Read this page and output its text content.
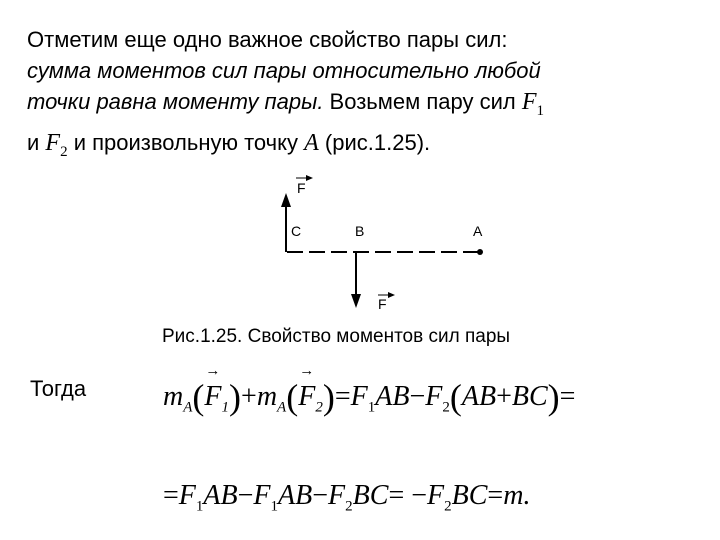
Отметим еще одно важное свойство пары сил:
сумма моментов сил пары относительно любой
точки равна моменту пары. Возьмем пару сил $F_1$
и $F_2$ и произвольную точку A (рис.1.25).
F
C	B	A
F
Рис.1.25. Свойство моментов сил пары
Тогда	$m_A(\to F_1)+m_A(\to F_2)=F_1AB-F_2(AB+BC)=$
$=F_1AB-F_1AB-F_2BC= -F_2BC=m$.
